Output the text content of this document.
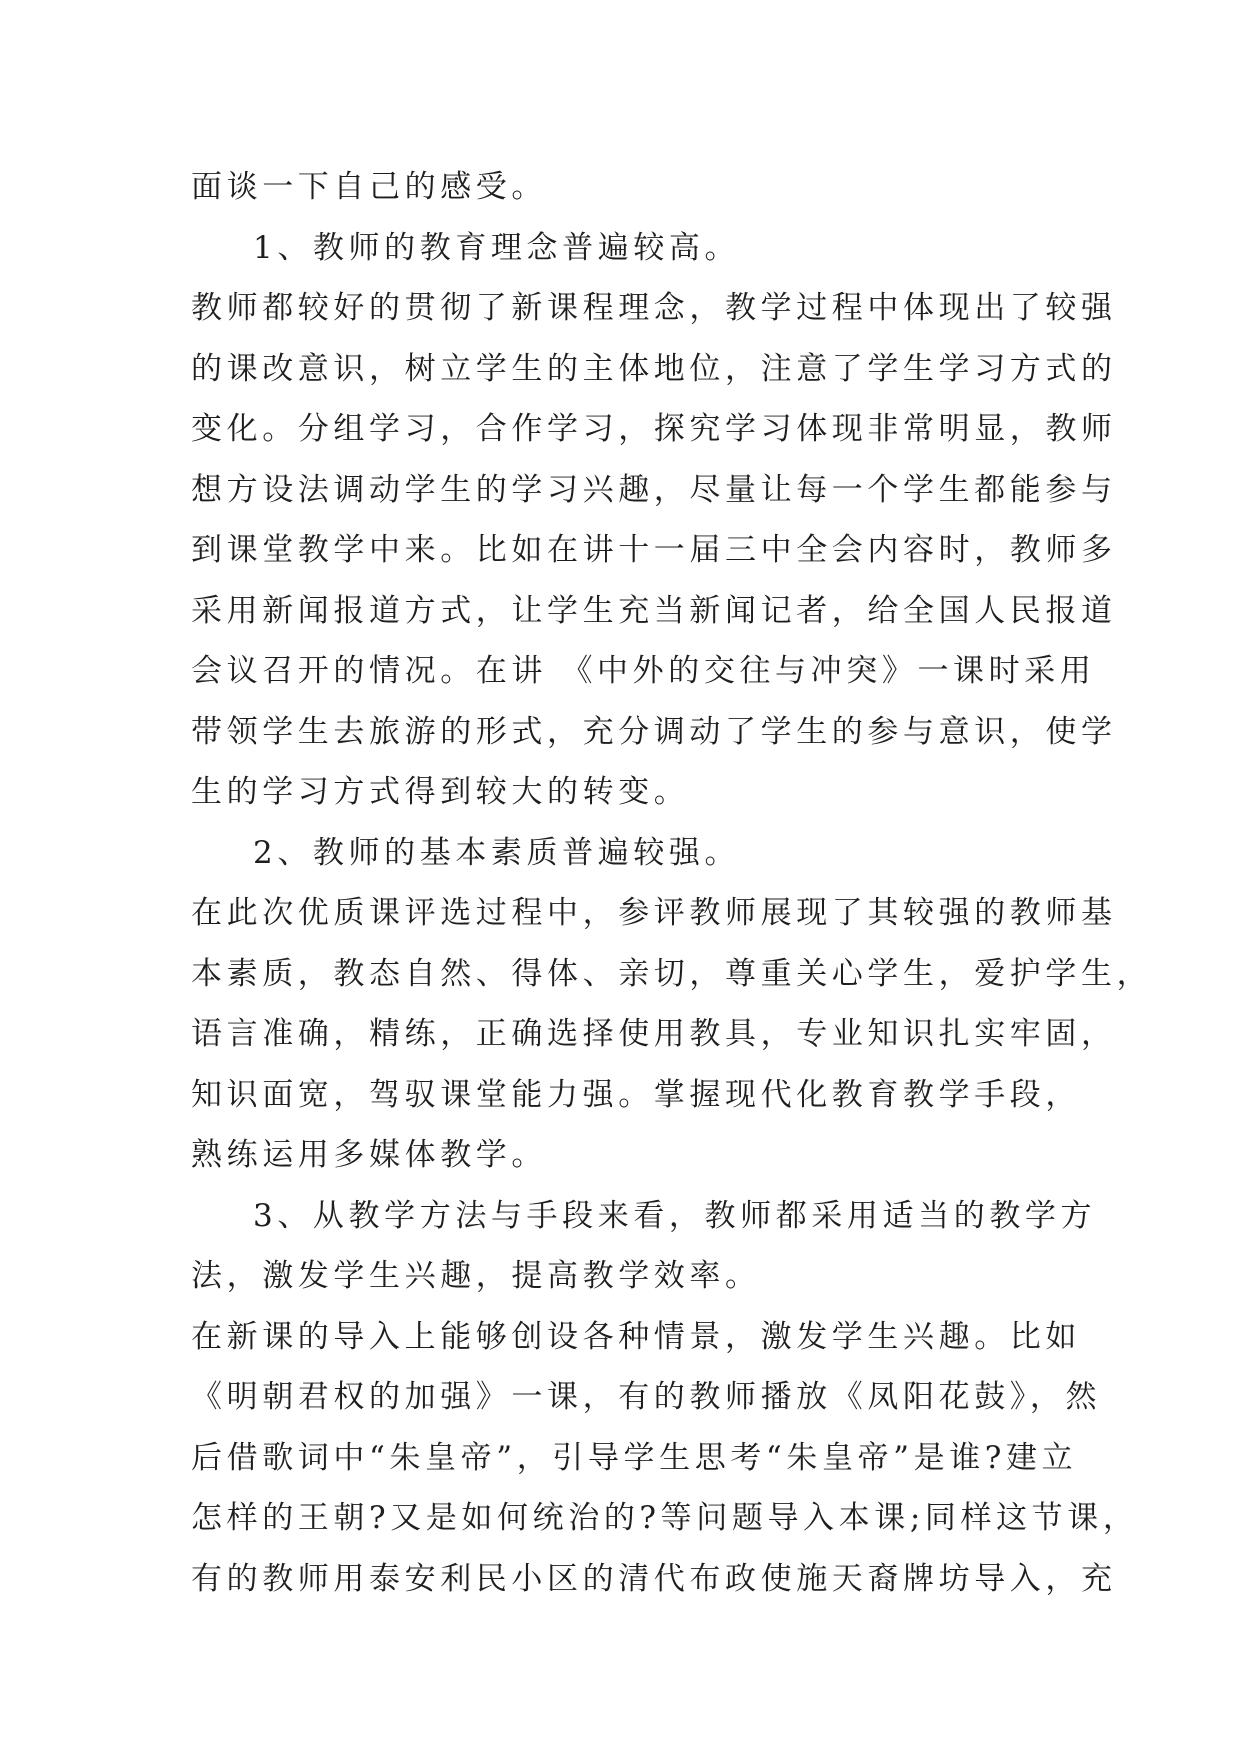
面谈一下自己的感受。
1、教师的教育理念普遍较高。
教师都较好的贯彻了新课程理念，教学过程中体现出了较强
的课改意识，树立学生的主体地位，注意了学生学习方式的
变化。分组学习，合作学习，探究学习体现非常明显，教师
想方设法调动学生的学习兴趣，尽量让每一个学生都能参与
到课堂教学中来。比如在讲十一届三中全会内容时，教师多
采用新闻报道方式，让学生充当新闻记者，给全国人民报道
会议召开的情况。在讲 《中外的交往与冲突》一课时采用
带领学生去旅游的形式，充分调动了学生的参与意识，使学
生的学习方式得到较大的转变。
2、教师的基本素质普遍较强。
在此次优质课评选过程中，参评教师展现了其较强的教师基
本素质，教态自然、得体、亲切，尊重关心学生，爱护学生，
语言准确，精练，正确选择使用教具，专业知识扎实牢固，
知识面宽，驾驭课堂能力强。掌握现代化教育教学手段，
熟练运用多媒体教学。
3、从教学方法与手段来看，教师都采用适当的教学方
法，激发学生兴趣，提高教学效率。
在新课的导入上能够创设各种情景，激发学生兴趣。比如
《明朝君权的加强》一课，有的教师播放《凤阳花鼓》，然
后借歌词中“朱皇帝”，引导学生思考“朱皇帝”是谁?建立
怎样的王朝?又是如何统治的?等问题导入本课;同样这节课，
有的教师用泰安利民小区的清代布政使施天裔牌坊导入，充
